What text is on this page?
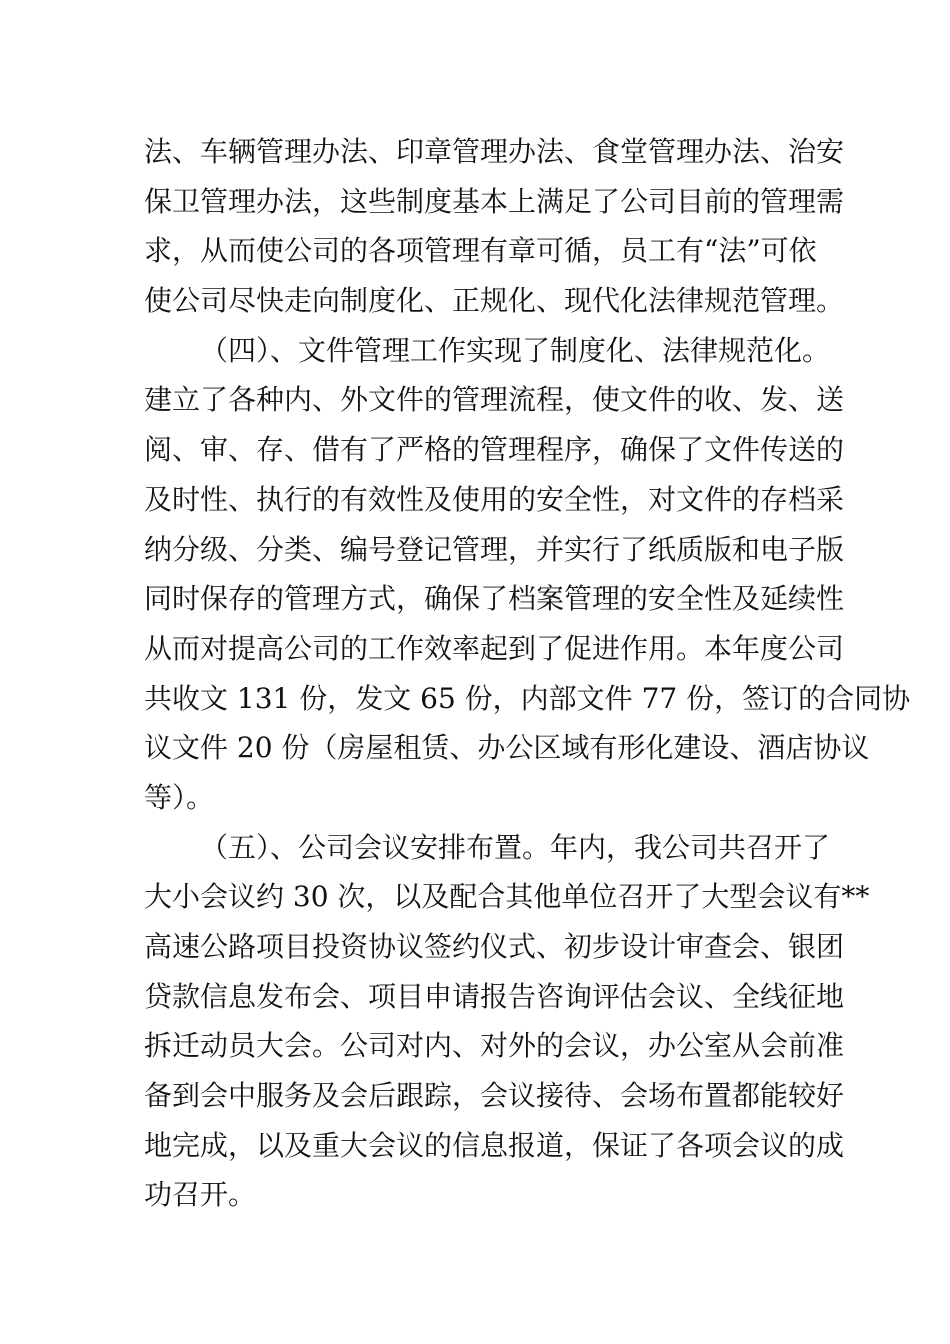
法、车辆管理办法、印章管理办法、食堂管理办法、治安
保卫管理办法，这些制度基本上满足了公司目前的管理需
求，从而使公司的各项管理有章可循，员工有“法”可依
使公司尽快走向制度化、正规化、现代化法律规范管理。
（四）、文件管理工作实现了制度化、法律规范化。
建立了各种内、外文件的管理流程，使文件的收、发、送
阅、审、存、借有了严格的管理程序，确保了文件传送的
及时性、执行的有效性及使用的安全性，对文件的存档采
纳分级、分类、编号登记管理，并实行了纸质版和电子版
同时保存的管理方式，确保了档案管理的安全性及延续性
从而对提高公司的工作效率起到了促进作用。本年度公司
共收文 131 份，发文 65 份，内部文件 77 份，签订的合同协
议文件 20 份（房屋租赁、办公区域有形化建设、酒店协议
等）。
（五）、公司会议安排布置。年内，我公司共召开了
大小会议约 30 次，以及配合其他单位召开了大型会议有**
高速公路项目投资协议签约仪式、初步设计审查会、银团
贷款信息发布会、项目申请报告咨询评估会议、全线征地
拆迁动员大会。公司对内、对外的会议，办公室从会前准
备到会中服务及会后跟踪，会议接待、会场布置都能较好
地完成，以及重大会议的信息报道，保证了各项会议的成
功召开。
